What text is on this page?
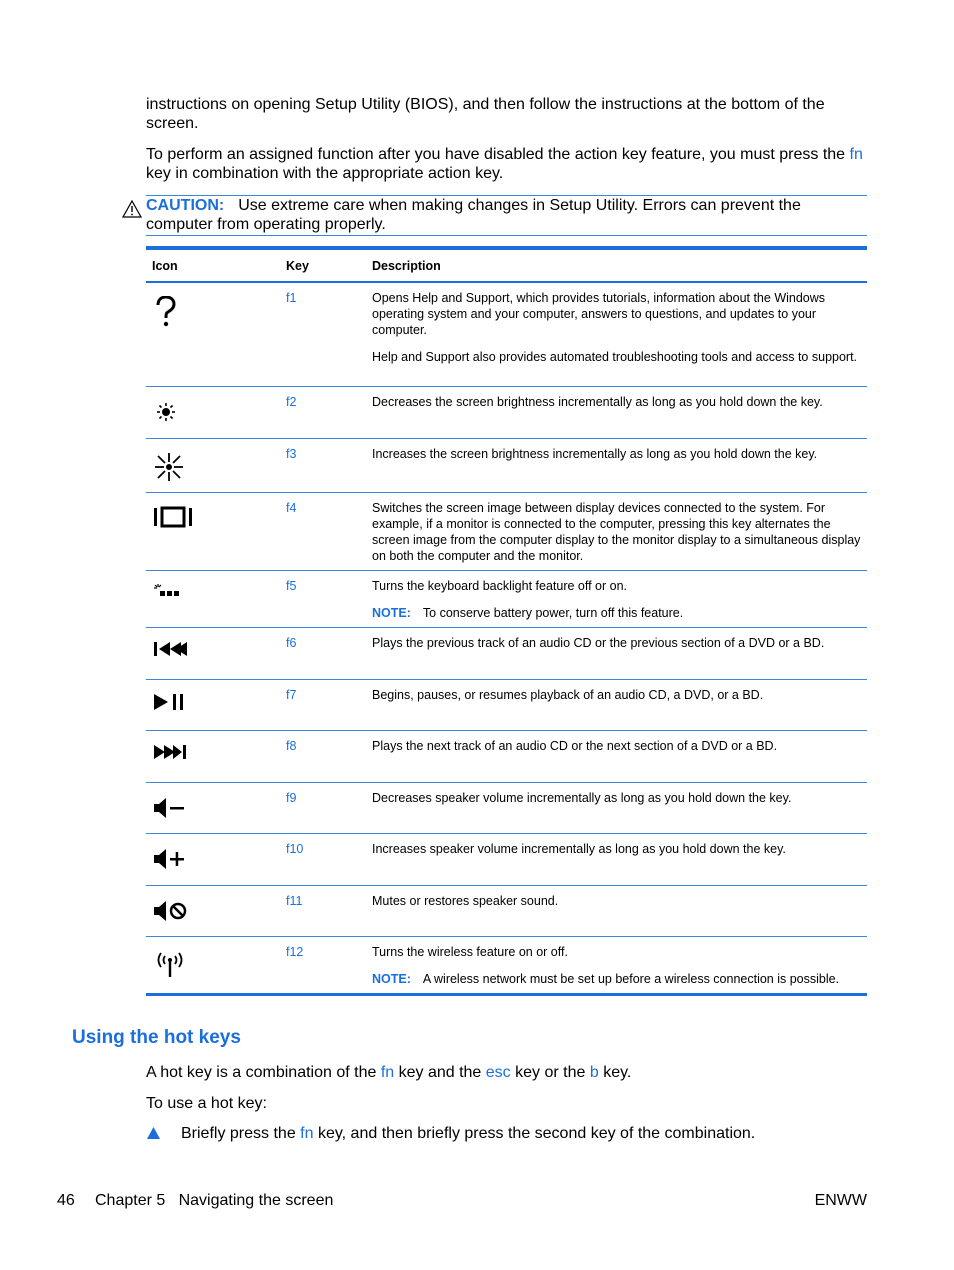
instructions on opening Setup Utility (BIOS), and then follow the instructions at the bottom of the screen.
To perform an assigned function after you have disabled the action key feature, you must press the fn key in combination with the appropriate action key.
CAUTION: Use extreme care when making changes in Setup Utility. Errors can prevent the computer from operating properly.
Icon	Key	Description

	f1	Opens Help and Support, which provides tutorials, information about the Windows operating system and your computer, answers to questions, and updates to your computer.

Help and Support also provides automated troubleshooting tools and access to support.

	f2	Decreases the screen brightness incrementally as long as you hold down the key.

	f3	Increases the screen brightness incrementally as long as you hold down the key.

	f4	Switches the screen image between display devices connected to the system. For example, if a monitor is connected to the computer, pressing this key alternates the screen image from the computer display to the monitor display to a simultaneous display on both the computer and the monitor.

	f5	Turns the keyboard backlight feature off or on.

NOTE: To conserve battery power, turn off this feature.

	f6	Plays the previous track of an audio CD or the previous section of a DVD or a BD.

	f7	Begins, pauses, or resumes playback of an audio CD, a DVD, or a BD.

	f8	Plays the next track of an audio CD or the next section of a DVD or a BD.

	f9	Decreases speaker volume incrementally as long as you hold down the key.

	f10	Increases speaker volume incrementally as long as you hold down the key.

	f11	Mutes or restores speaker sound.

	f12	Turns the wireless feature on or off.

NOTE: A wireless network must be set up before a wireless connection is possible.

Using the hot keys
A hot key is a combination of the fn key and the esc key or the b key.
To use a hot key:
Briefly press the fn key, and then briefly press the second key of the combination.
46 Chapter 5   Navigating the screen	ENWW
